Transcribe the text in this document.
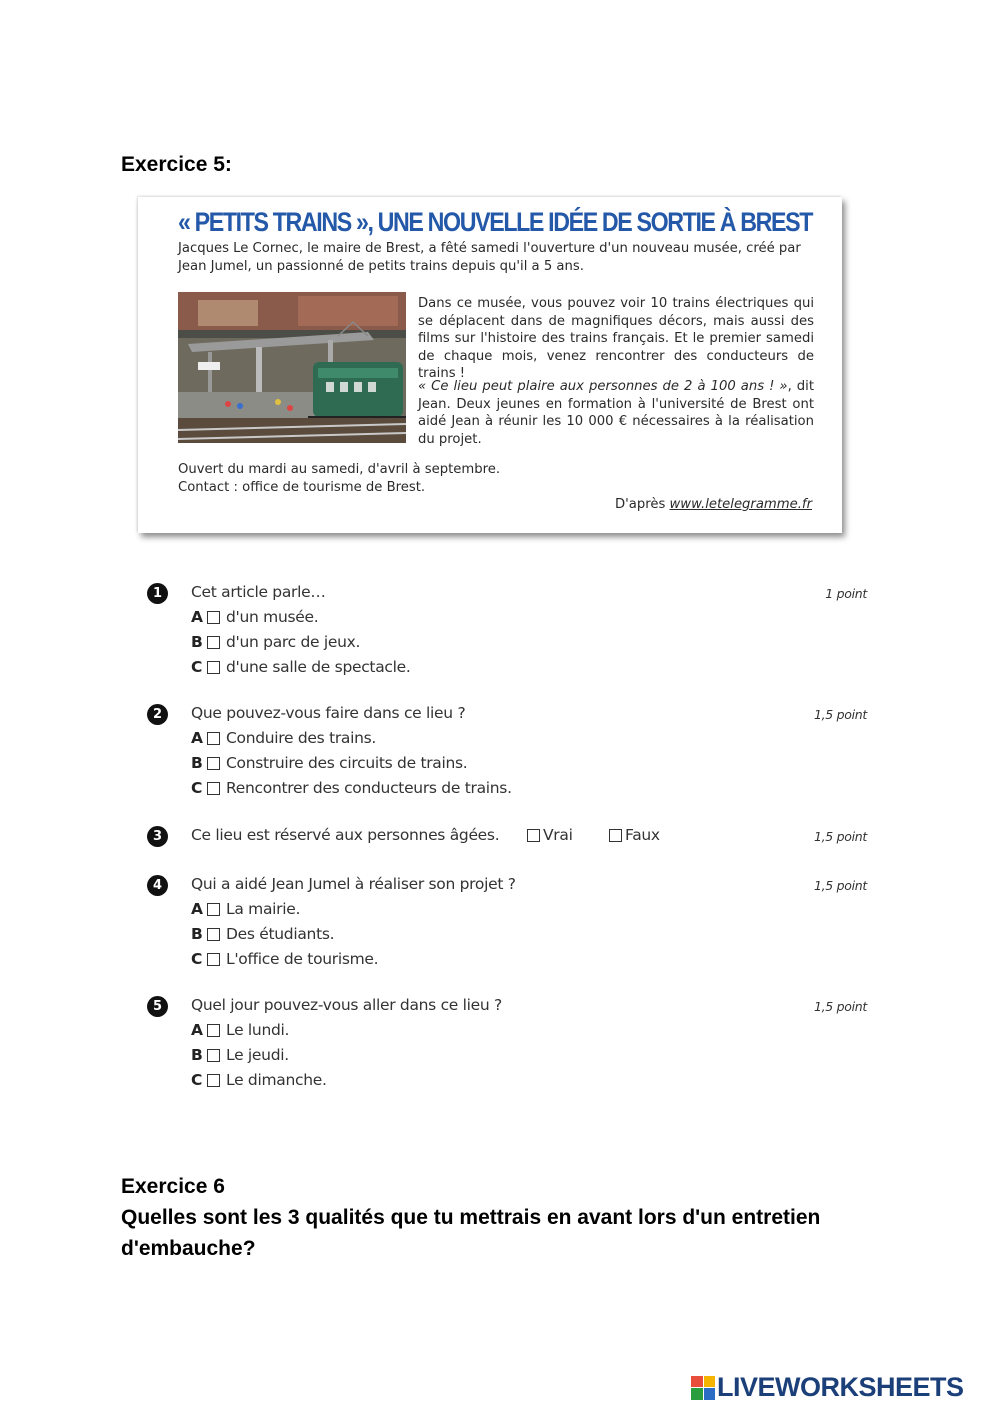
Exercice 5:
« PETITS TRAINS », UNE NOUVELLE IDÉE DE SORTIE À BREST
Jacques Le Cornec, le maire de Brest, a fêté samedi l'ouverture d'un nouveau musée, créé par Jean Jumel, un passionné de petits trains depuis qu'il a 5 ans.
Dans ce musée, vous pouvez voir 10 trains électriques qui se déplacent dans de magnifiques décors, mais aussi des films sur l'histoire des trains français. Et le premier samedi de chaque mois, venez rencontrer des conducteurs de trains !
« Ce lieu peut plaire aux personnes de 2 à 100 ans ! », dit Jean. Deux jeunes en formation à l'université de Brest ont aidé Jean à réunir les 10 000 € nécessaires à la réalisation du projet.
Ouvert du mardi au samedi, d'avril à septembre.
Contact : office de tourisme de Brest.
D'après www.letelegramme.fr
1	Cet article parle…	1 point
A d'un musée.
B d'un parc de jeux.
C d'une salle de spectacle.
2	Que pouvez-vous faire dans ce lieu ?	1,5 point
A Conduire des trains.
B Construire des circuits de trains.
C Rencontrer des conducteurs de trains.
3	Ce lieu est réservé aux personnes âgées.	Vrai	Faux	1,5 point
4	Qui a aidé Jean Jumel à réaliser son projet ?	1,5 point
A La mairie.
B Des étudiants.
C L'office de tourisme.
5	Quel jour pouvez-vous aller dans ce lieu ?	1,5 point
A Le lundi.
B Le jeudi.
C Le dimanche.
Exercice 6
Quelles sont les 3 qualités que tu mettrais en avant lors d'un entretien d'embauche?
LIVEWORKSHEETS
